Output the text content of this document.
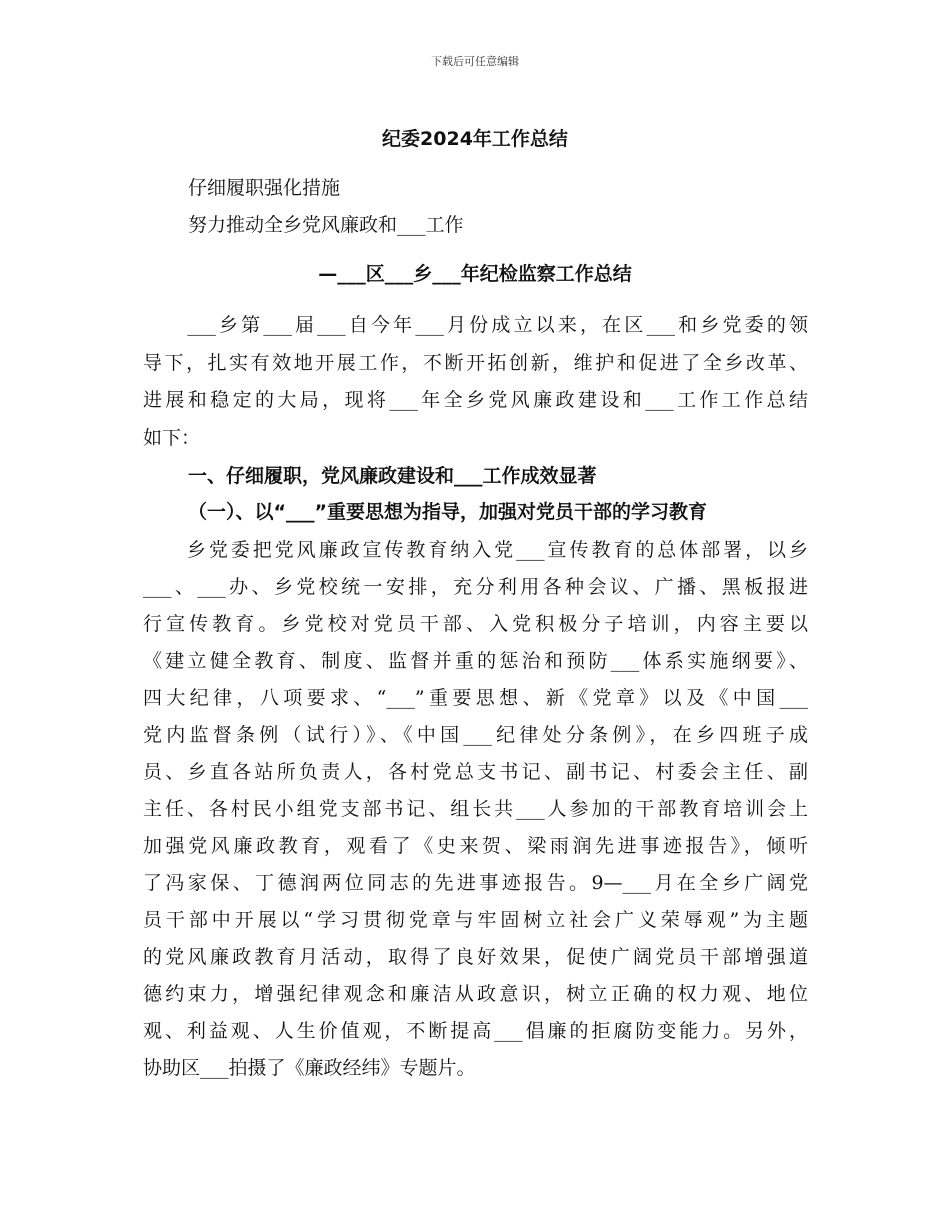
下载后可任意编辑
纪委2024年工作总结
仔细履职强化措施
努力推动全乡党风廉政和___工作
—___区___乡___年纪检监察工作总结
　　___乡第___届___自今年___月份成立以来，在区___和乡党委的领
导下，扎实有效地开展工作，不断开拓创新，维护和促进了全乡改革、
进展和稳定的大局，现将___年全乡党风廉政建设和___工作工作总结
如下：
一、仔细履职，党风廉政建设和___工作成效显著
（一）、以“___”重要思想为指导，加强对党员干部的学习教育
　　乡党委把党风廉政宣传教育纳入党___宣传教育的总体部署，以乡
___、___办、乡党校统一安排，充分利用各种会议、广播、黑板报进
行宣传教育。乡党校对党员干部、入党积极分子培训，内容主要以
《建立健全教育、制度、监督并重的惩治和预防___体系实施纲要》、
四大纪律，八项要求、“___”重要思想、新《党章》以及《中国___
党内监督条例（试行）》、《中国___纪律处分条例》，在乡四班子成
员、乡直各站所负责人，各村党总支书记、副书记、村委会主任、副
主任、各村民小组党支部书记、组长共___人参加的干部教育培训会上
加强党风廉政教育，观看了《史来贺、梁雨润先进事迹报告》，倾听
了冯家保、丁德润两位同志的先进事迹报告。9—___月在全乡广阔党
员干部中开展以“学习贯彻党章与牢固树立社会广义荣辱观”为主题
的党风廉政教育月活动，取得了良好效果，促使广阔党员干部增强道
德约束力，增强纪律观念和廉洁从政意识，树立正确的权力观、地位
观、利益观、人生价值观，不断提高___倡廉的拒腐防变能力。另外，
协助区___拍摄了《廉政经纬》专题片。
